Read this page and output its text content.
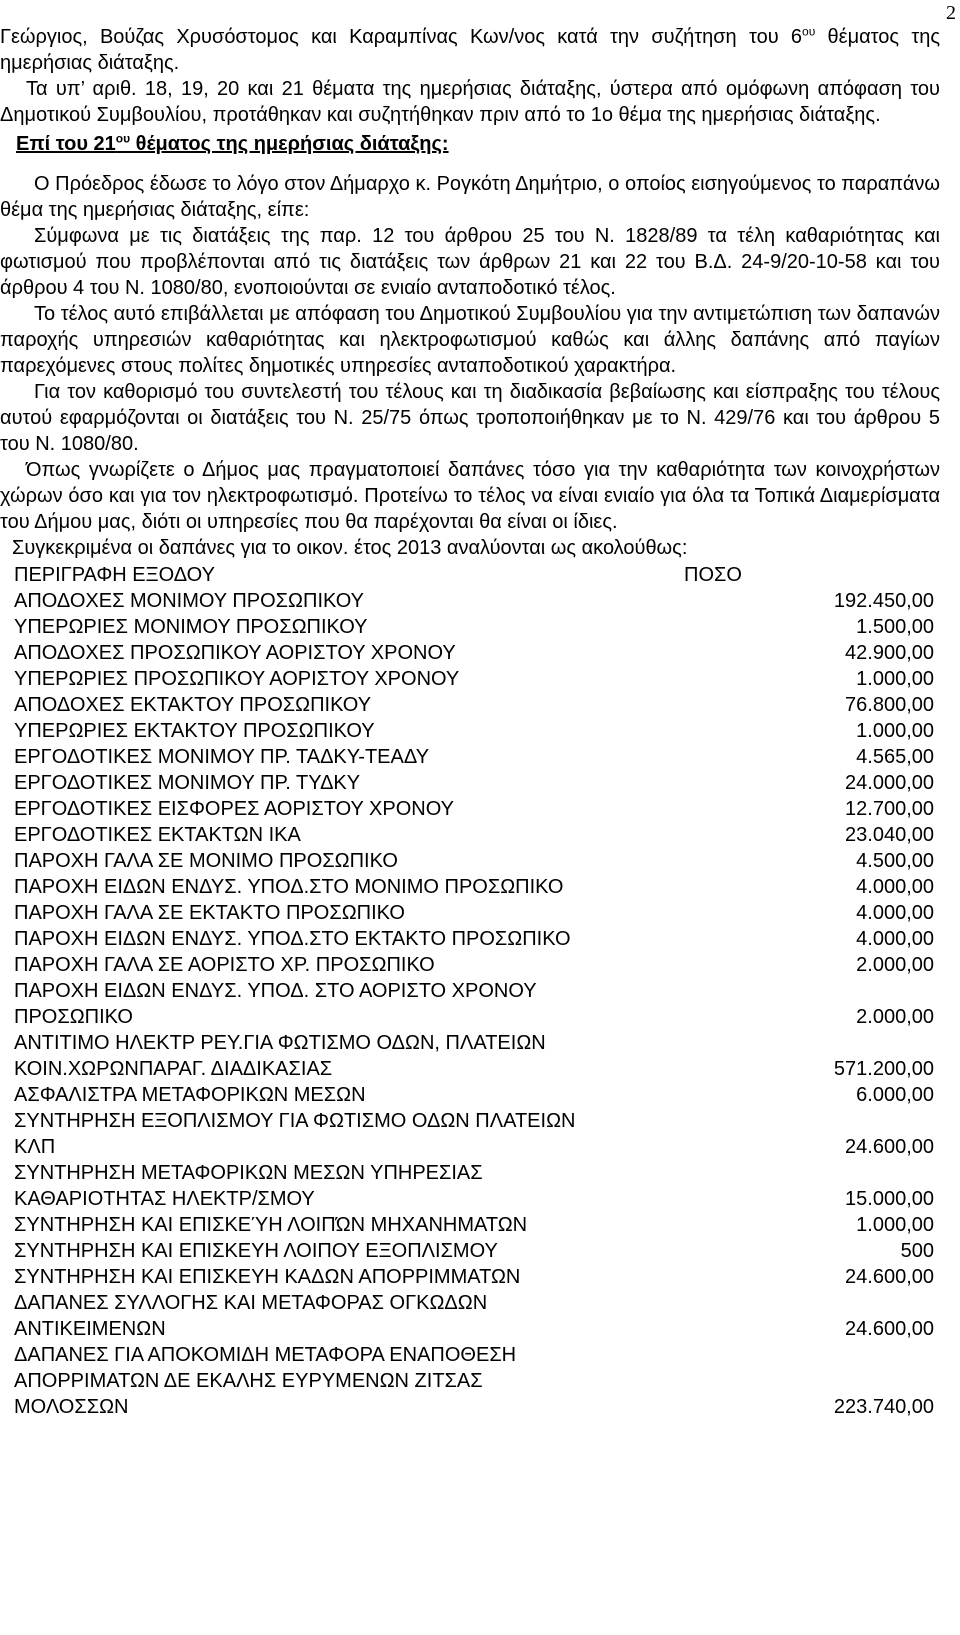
2

Γεώργιος, Βούζας Χρυσόστομος και Καραμπίνας Κων/νος κατά την συζήτηση του $6^{o\upsilon}$ θέματος της ημερήσιας διάταξης.

Τα υπ’ αριθ. 18, 19, 20 και 21 θέματα της ημερήσιας διάταξης, ύστερα από ομόφωνη απόφαση του Δημοτικού Συμβουλίου, προτάθηκαν και συζητήθηκαν πριν από το 1ο θέμα της ημερήσιας διάταξης.

Επί του $21^{o\upsilon}$ θέματος της ημερήσιας διάταξης:

Ο Πρόεδρος έδωσε το λόγο στον Δήμαρχο κ. Ρογκότη Δημήτριο, ο οποίος εισηγούμενος το παραπάνω θέμα της ημερήσιας διάταξης, είπε:

Σύμφωνα με τις διατάξεις της παρ. 12 του άρθρου 25 του Ν. 1828/89 τα τέλη καθαριότητας και φωτισμού που προβλέπονται από τις διατάξεις των άρθρων 21 και 22 του Β.Δ. 24-9/20-10-58 και του άρθρου 4 του Ν. 1080/80, ενοποιούνται σε ενιαίο ανταποδοτικό τέλος.

Το τέλος αυτό επιβάλλεται με απόφαση του Δημοτικού Συμβουλίου για την αντιμετώπιση των δαπανών παροχής υπηρεσιών καθαριότητας και ηλεκτροφωτισμού καθώς και άλλης δαπάνης από παγίων παρεχόμενες στους πολίτες δημοτικές υπηρεσίες ανταποδοτικού χαρακτήρα.

Για τον καθορισμό του συντελεστή του τέλους και τη διαδικασία βεβαίωσης και είσπραξης του τέλους αυτού εφαρμόζονται οι διατάξεις του Ν. 25/75 όπως τροποποιήθηκαν με το Ν. 429/76 και του άρθρου 5 του Ν. 1080/80.

Όπως γνωρίζετε ο Δήμος μας πραγματοποιεί δαπάνες τόσο για την καθαριότητα των κοινοχρήστων χώρων όσο και για τον ηλεκτροφωτισμό. Προτείνω το τέλος να είναι ενιαίο για όλα τα Τοπικά Διαμερίσματα του Δήμου μας, διότι οι υπηρεσίες που θα παρέχονται θα είναι οι ίδιες.

Συγκεκριμένα οι δαπάνες για το οικον. έτος 2013 αναλύονται ως ακολούθως:

ΠΕΡΙΓΡΑΦΗ ΕΞΟΔΟΥ	ΠΟΣΟ
ΑΠΟΔΟΧΕΣ ΜΟΝΙΜΟΥ ΠΡΟΣΩΠΙΚΟΥ	192.450,00
ΥΠΕΡΩΡΙΕΣ ΜΟΝΙΜΟΥ ΠΡΟΣΩΠΙΚΟΥ	1.500,00
ΑΠΟΔΟΧΕΣ ΠΡΟΣΩΠΙΚΟΥ ΑΟΡΙΣΤΟΥ ΧΡΟΝΟΥ	42.900,00
ΥΠΕΡΩΡΙΕΣ ΠΡΟΣΩΠΙΚΟΥ ΑΟΡΙΣΤΟΥ ΧΡΟΝΟΥ	1.000,00
ΑΠΟΔΟΧΕΣ ΕΚΤΑΚΤΟΥ ΠΡΟΣΩΠΙΚΟΥ	76.800,00
ΥΠΕΡΩΡΙΕΣ ΕΚΤΑΚΤΟΥ ΠΡΟΣΩΠΙΚΟΥ	1.000,00
ΕΡΓΟΔΟΤΙΚΕΣ ΜΟΝΙΜΟΥ ΠΡ. ΤΑΔΚΥ-ΤΕΑΔΥ	4.565,00
ΕΡΓΟΔΟΤΙΚΕΣ ΜΟΝΙΜΟΥ ΠΡ. ΤΥΔΚΥ	24.000,00
ΕΡΓΟΔΟΤΙΚΕΣ ΕΙΣΦΟΡΕΣ ΑΟΡΙΣΤΟΥ ΧΡΟΝΟΥ	12.700,00
ΕΡΓΟΔΟΤΙΚΕΣ ΕΚΤΑΚΤΩΝ ΙΚΑ	23.040,00
ΠΑΡΟΧΗ ΓΑΛΑ ΣΕ ΜΟΝΙΜΟ ΠΡΟΣΩΠΙΚΟ	4.500,00
ΠΑΡΟΧΗ ΕΙΔΩΝ ΕΝΔΥΣ. ΥΠΟΔ.ΣΤΟ ΜΟΝΙΜΟ ΠΡΟΣΩΠΙΚΟ	4.000,00
ΠΑΡΟΧΗ ΓΑΛΑ ΣΕ ΕΚΤΑΚΤΟ ΠΡΟΣΩΠΙΚΟ	4.000,00
ΠΑΡΟΧΗ ΕΙΔΩΝ ΕΝΔΥΣ. ΥΠΟΔ.ΣΤΟ ΕΚΤΑΚΤΟ ΠΡΟΣΩΠΙΚΟ	4.000,00
ΠΑΡΟΧΗ ΓΑΛΑ ΣΕ ΑΟΡΙΣΤΟ ΧΡ. ΠΡΟΣΩΠΙΚΟ	2.000,00
ΠΑΡΟΧΗ ΕΙΔΩΝ ΕΝΔΥΣ. ΥΠΟΔ. ΣΤΟ ΑΟΡΙΣΤΟ ΧΡΟΝΟΥ
ΠΡΟΣΩΠΙΚΟ	2.000,00
ΑΝΤΙΤΙΜΟ ΗΛΕΚΤΡ ΡΕΥ.ΓΙΑ ΦΩΤΙΣΜΟ ΟΔΩΝ, ΠΛΑΤΕΙΩΝ
ΚΟΙΝ.ΧΩΡΩΝΠΑΡΑΓ. ΔΙΑΔΙΚΑΣΙΑΣ	571.200,00
ΑΣΦΑΛΙΣΤΡΑ ΜΕΤΑΦΟΡΙΚΩΝ ΜΕΣΩΝ	6.000,00
ΣΥΝΤΗΡΗΣΗ ΕΞΟΠΛΙΣΜΟΥ ΓΙΑ ΦΩΤΙΣΜΟ ΟΔΩΝ ΠΛΑΤΕΙΩΝ
ΚΛΠ	24.600,00
ΣΥΝΤΗΡΗΣΗ ΜΕΤΑΦΟΡΙΚΩΝ ΜΕΣΩΝ ΥΠΗΡΕΣΙΑΣ
ΚΑΘΑΡΙΟΤΗΤΑΣ ΗΛΕΚΤΡ/ΣΜΟΥ	15.000,00
ΣΥΝΤΗΡΗΣΗ ΚΑΙ ΕΠΙΣΚΕΎΗ ΛΟΙΠΏΝ ΜΗΧΑΝΗΜΑΤΩΝ	1.000,00
ΣΥΝΤΗΡΗΣΗ ΚΑΙ ΕΠΙΣΚΕΥΗ ΛΟΙΠΟΥ ΕΞΟΠΛΙΣΜΟΥ	500
ΣΥΝΤΗΡΗΣΗ ΚΑΙ ΕΠΙΣΚΕΥΗ ΚΑΔΩΝ ΑΠΟΡΡΙΜΜΑΤΩΝ	24.600,00
ΔΑΠΑΝΕΣ ΣΥΛΛΟΓΗΣ ΚΑΙ ΜΕΤΑΦΟΡΑΣ ΟΓΚΩΔΩΝ
ΑΝΤΙΚΕΙΜΕΝΩΝ	24.600,00
ΔΑΠΑΝΕΣ ΓΙΑ ΑΠΟΚΟΜΙΔΗ ΜΕΤΑΦΟΡΑ ΕΝΑΠΟΘΕΣΗ
ΑΠΟΡΡΙΜΑΤΩΝ ΔΕ ΕΚΑΛΗΣ ΕΥΡΥΜΕΝΩΝ ΖΙΤΣΑΣ
ΜΟΛΟΣΣΩΝ	223.740,00
